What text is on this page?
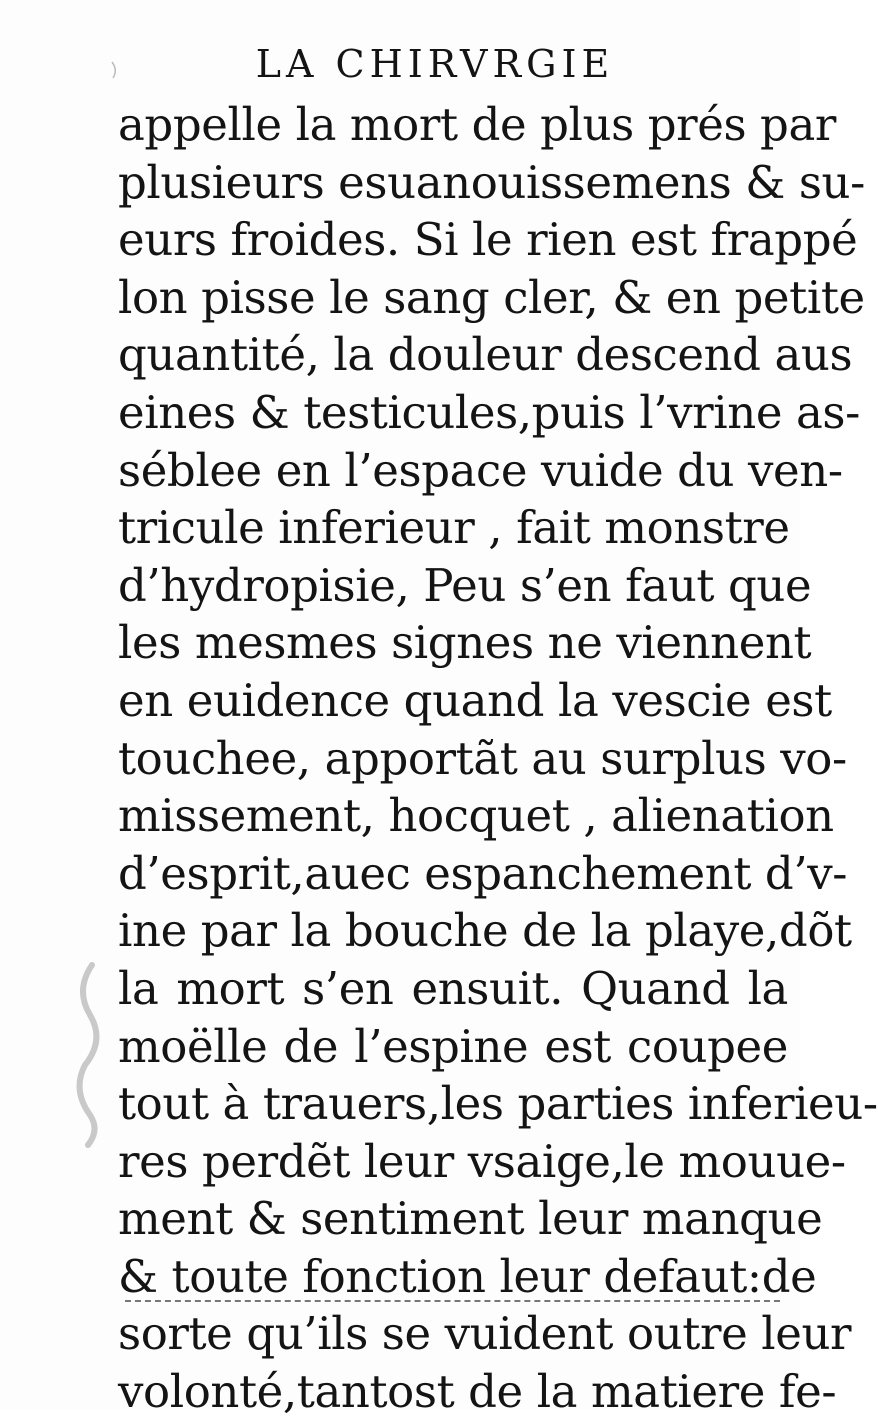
LA CHIRVRGIE
appelle la mort de plus prés par
plusieurs esuanouissemens & su-
eurs froides. Si le rien est frappé
lon pisse le sang cler, & en petite
quantité, la douleur descend aus
eines & testicules,puis l’vrine as-
séblee en l’espace vuide du ven-
tricule inferieur , fait monstre
d’hydropisie, Peu s’en faut que
les mesmes signes ne viennent
en euidence quand la vescie est
touchee, apportãt au surplus vo-
missement, hocquet , alienation
d’esprit,auec espanchement d’v-
ine par la bouche de la playe,dõt
la mort s’en ensuit. Quand la
moëlle de l’espine est coupee
tout à trauers,les parties inferieu-
res perdẽt leur vsaige,le mouue-
ment & sentiment leur manque
& toute fonction leur defaut:de
sorte qu’ils se vuident outre leur
volonté,tantost de la matiere fe-
